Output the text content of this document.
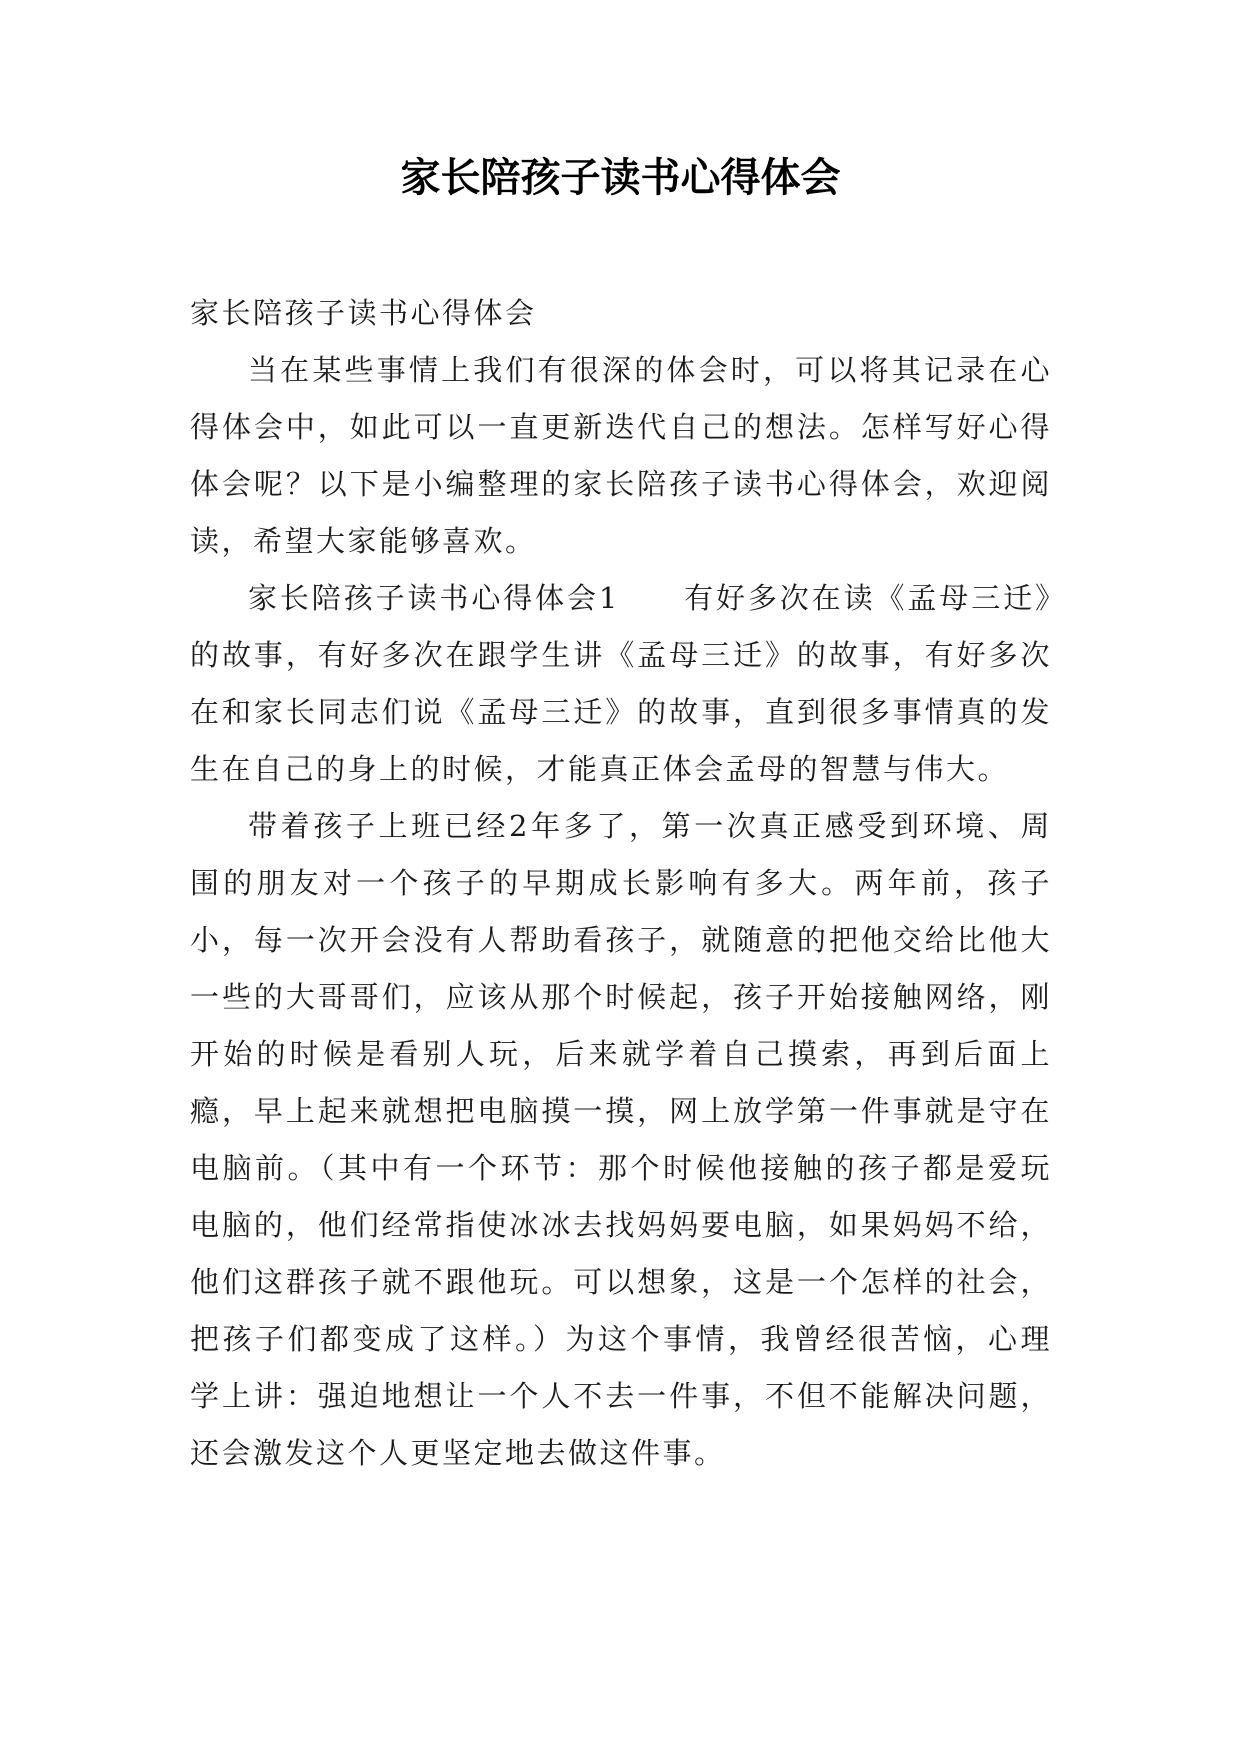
家长陪孩子读书心得体会

家长陪孩子读书心得体会

当在某些事情上我们有很深的体会时，可以将其记录在心得体会中，如此可以一直更新迭代自己的想法。怎样写好心得体会呢？以下是小编整理的家长陪孩子读书心得体会，欢迎阅读，希望大家能够喜欢。

家长陪孩子读书心得体会1　　有好多次在读《孟母三迁》的故事，有好多次在跟学生讲《孟母三迁》的故事，有好多次在和家长同志们说《孟母三迁》的故事，直到很多事情真的发生在自己的身上的时候，才能真正体会孟母的智慧与伟大。

带着孩子上班已经2年多了，第一次真正感受到环境、周围的朋友对一个孩子的早期成长影响有多大。两年前，孩子小，每一次开会没有人帮助看孩子，就随意的把他交给比他大一些的大哥哥们，应该从那个时候起，孩子开始接触网络，刚开始的时候是看别人玩，后来就学着自己摸索，再到后面上瘾，早上起来就想把电脑摸一摸，网上放学第一件事就是守在电脑前。（其中有一个环节：那个时候他接触的孩子都是爱玩电脑的，他们经常指使冰冰去找妈妈要电脑，如果妈妈不给，他们这群孩子就不跟他玩。可以想象，这是一个怎样的社会，把孩子们都变成了这样。）为这个事情，我曾经很苦恼，心理学上讲：强迫地想让一个人不去一件事，不但不能解决问题，还会激发这个人更坚定地去做这件事。
